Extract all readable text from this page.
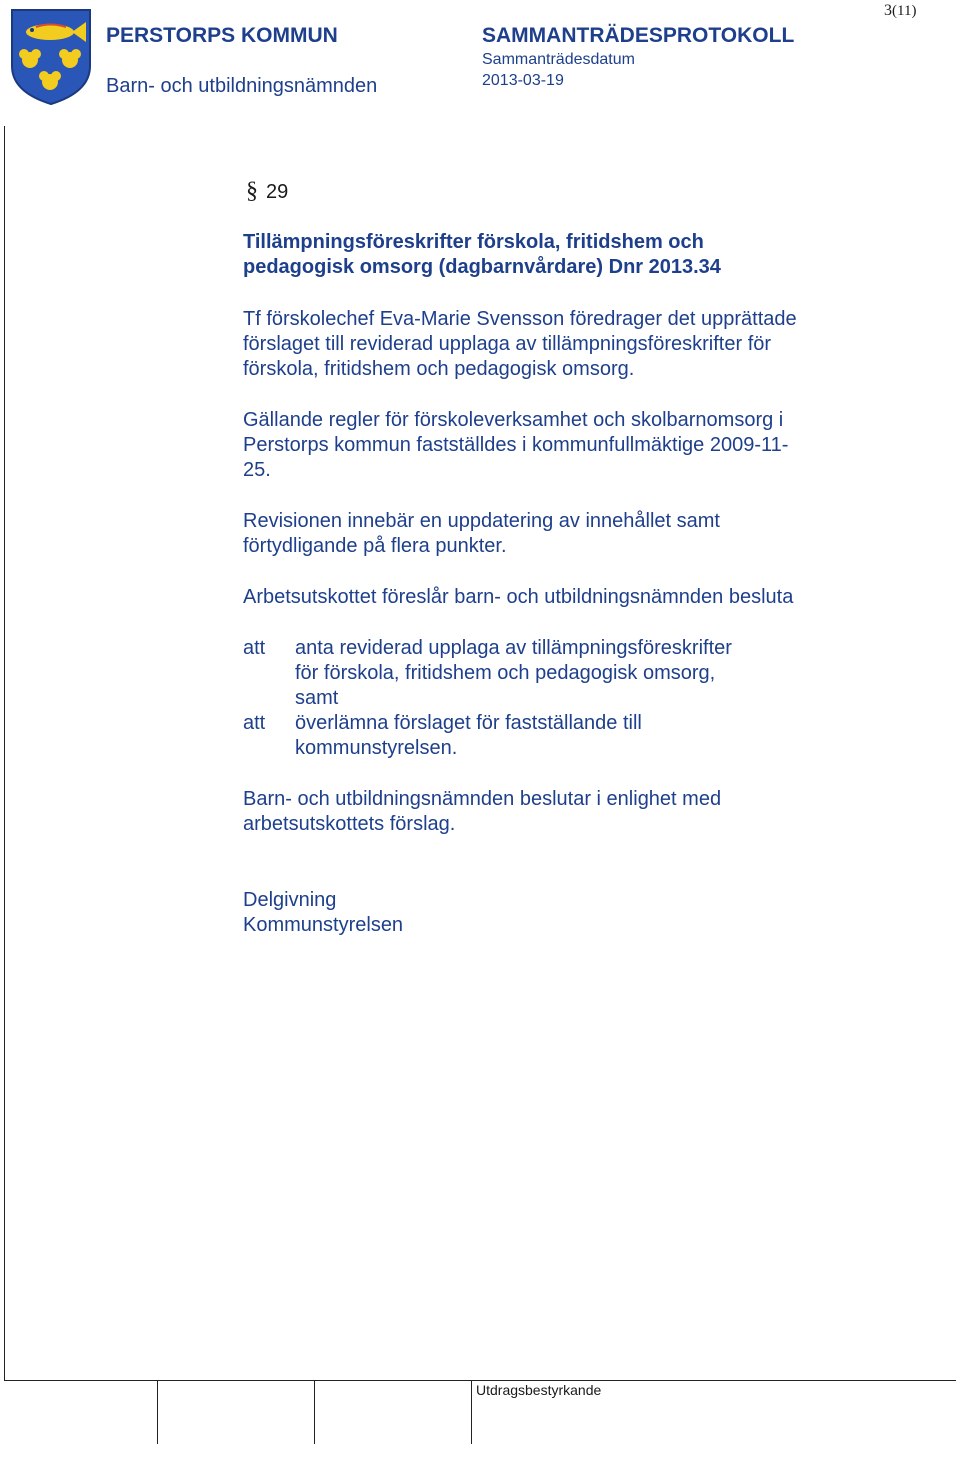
PERSTORPS KOMMUN
Barn- och utbildningsnämnden
SAMMANTRÄDESPROTOKOLL
Sammanträdesdatum
2013-03-19
3(11)
Utdragsbestyrkande
§ 29
Tillämpningsföreskrifter förskola, fritidshem och
pedagogisk omsorg (dagbarnvårdare) Dnr 2013.34
Tf förskolechef Eva-Marie Svensson föredrager det upprättade
förslaget till reviderad upplaga av tillämpningsföreskrifter för
förskola, fritidshem och pedagogisk omsorg.
Gällande regler för förskoleverksamhet och skolbarnomsorg i
Perstorps kommun fastställdes i kommunfullmäktige 2009-11-
25.
Revisionen innebär en uppdatering av innehållet samt
förtydligande på flera punkter.
Arbetsutskottet föreslår barn- och utbildningsnämnden besluta
att anta reviderad upplaga av tillämpningsföreskrifter
för förskola, fritidshem och pedagogisk omsorg,
samt
att överlämna förslaget för fastställande till
kommunstyrelsen.
Barn- och utbildningsnämnden beslutar i enlighet med
arbetsutskottets förslag.
Delgivning
Kommunstyrelsen
